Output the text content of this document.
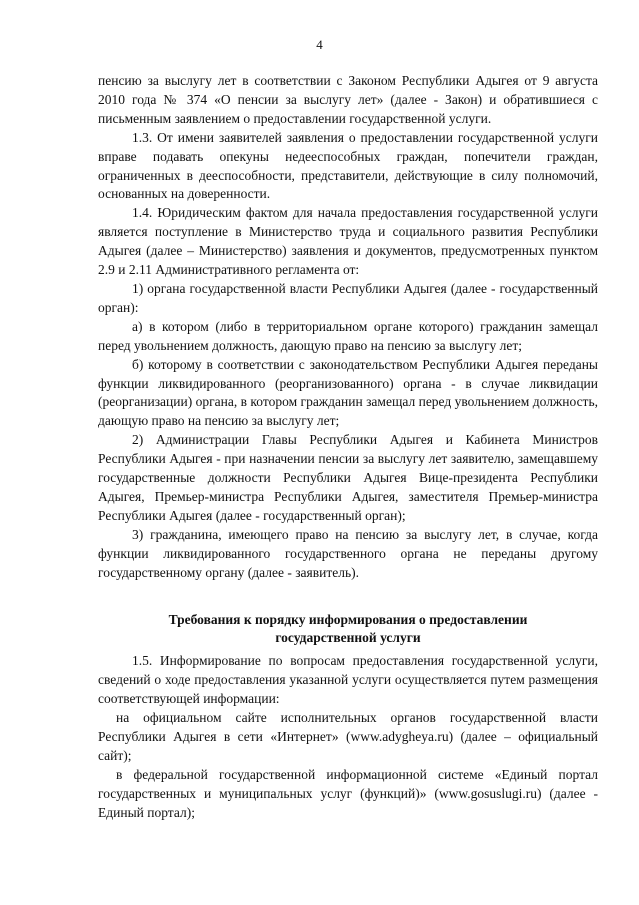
4

пенсию за выслугу лет в соответствии с Законом Республики Адыгея от 9 августа 2010 года № 374 «О пенсии за выслугу лет» (далее - Закон) и обратившиеся с письменным заявлением о предоставлении государственной услуги.

1.3. От имени заявителей заявления о предоставлении государственной услуги вправе подавать опекуны недееспособных граждан, попечители граждан, ограниченных в дееспособности, представители, действующие в силу полномочий, основанных на доверенности.

1.4. Юридическим фактом для начала предоставления государственной услуги является поступление в Министерство труда и социального развития Республики Адыгея (далее – Министерство) заявления и документов, предусмотренных пунктом 2.9 и 2.11 Административного регламента от:

1) органа государственной власти Республики Адыгея (далее - государственный орган):

а) в котором (либо в территориальном органе которого) гражданин замещал перед увольнением должность, дающую право на пенсию за выслугу лет;

б) которому в соответствии с законодательством Республики Адыгея переданы функции ликвидированного (реорганизованного) органа - в случае ликвидации (реорганизации) органа, в котором гражданин замещал перед увольнением должность, дающую право на пенсию за выслугу лет;

2) Администрации Главы Республики Адыгея и Кабинета Министров Республики Адыгея - при назначении пенсии за выслугу лет заявителю, замещавшему государственные должности Республики Адыгея Вице-президента Республики Адыгея, Премьер-министра Республики Адыгея, заместителя Премьер-министра Республики Адыгея (далее - государственный орган);

3) гражданина, имеющего право на пенсию за выслугу лет, в случае, когда функции ликвидированного государственного органа не переданы другому государственному органу (далее - заявитель).

Требования к порядку информирования о предоставлении
государственной услуги

1.5. Информирование по вопросам предоставления государственной услуги, сведений о ходе предоставления указанной услуги осуществляется путем размещения соответствующей информации:

на официальном сайте исполнительных органов государственной власти Республики Адыгея в сети «Интернет» (www.adygheya.ru) (далее – официальный сайт);

в федеральной государственной информационной системе «Единый портал государственных и муниципальных услуг (функций)» (www.gosuslugi.ru) (далее - Единый портал);
